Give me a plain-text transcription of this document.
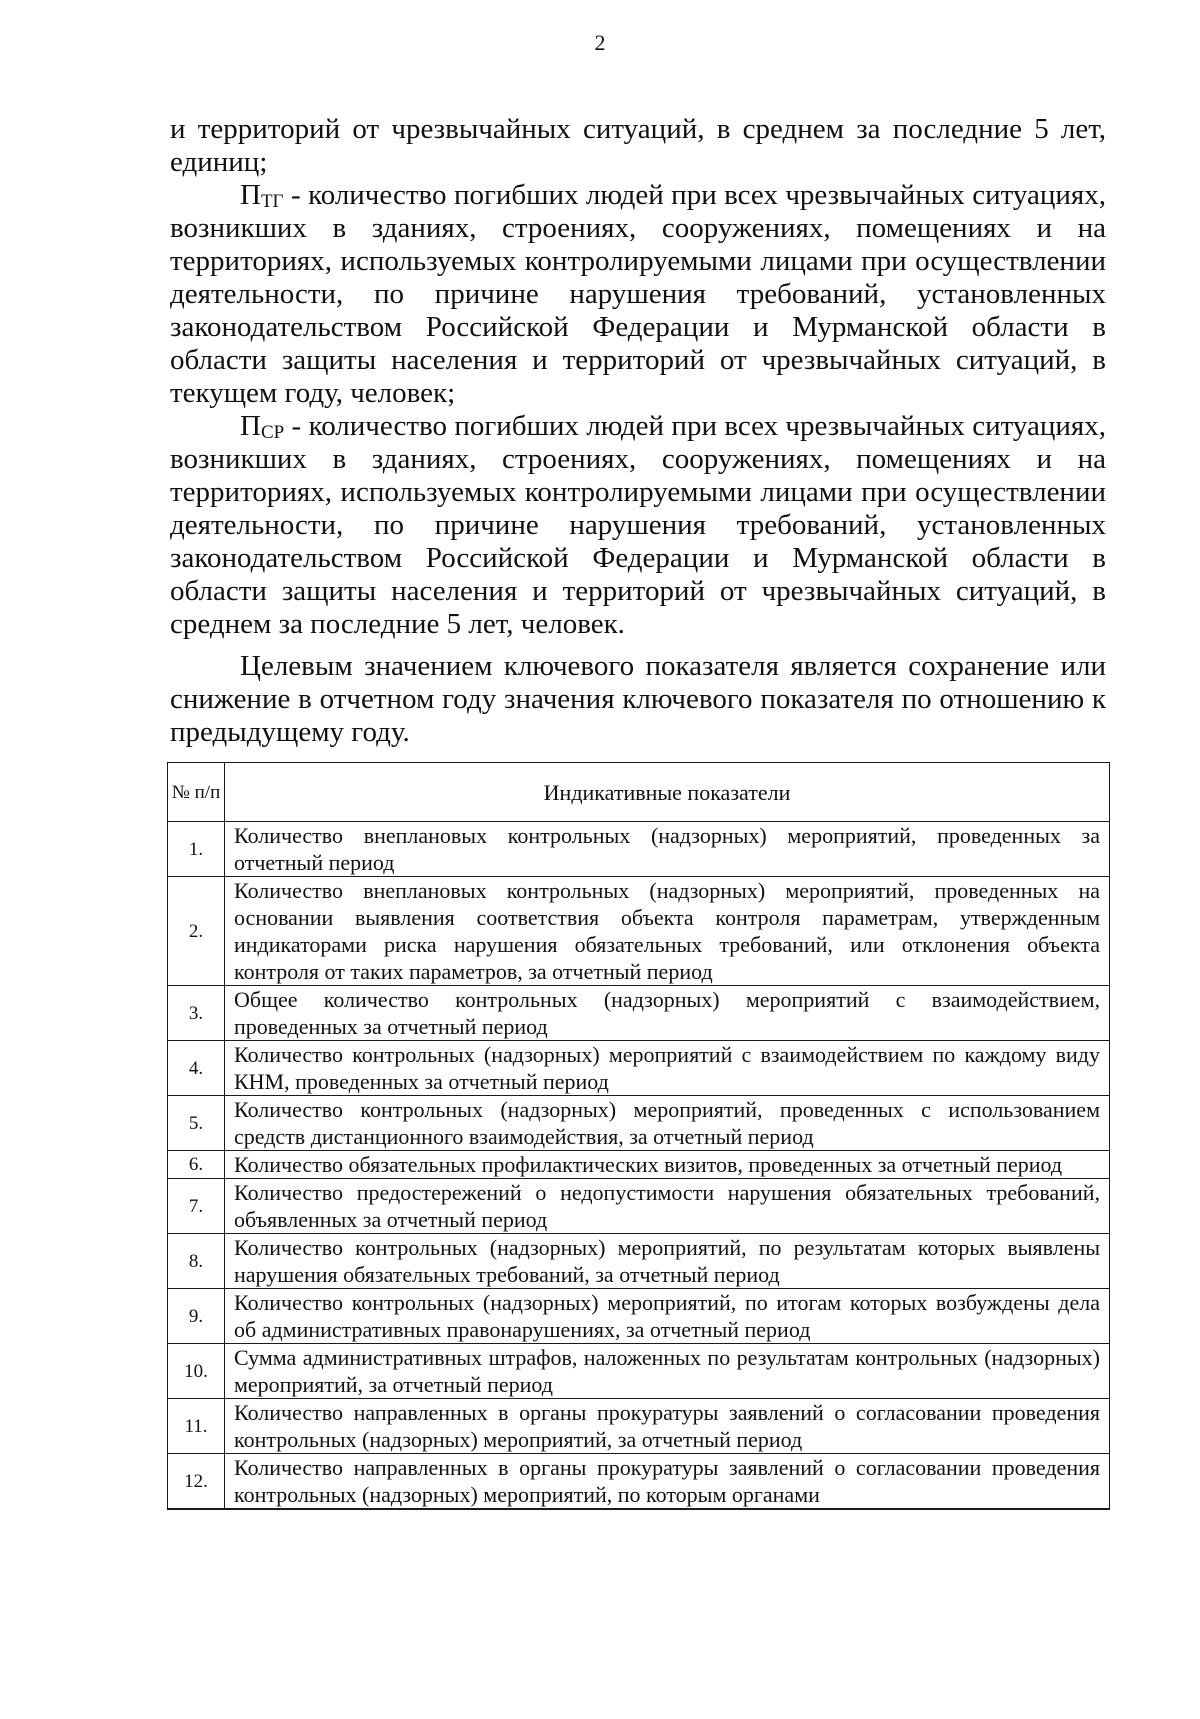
2

и территорий от чрезвычайных ситуаций, в среднем за последние 5 лет, единиц;

ПТГ - количество погибших людей при всех чрезвычайных ситуациях, возникших в зданиях, строениях, сооружениях, помещениях и на территориях, используемых контролируемыми лицами при осуществлении деятельности, по причине нарушения требований, установленных законодательством Российской Федерации и Мурманской области в области защиты населения и территорий от чрезвычайных ситуаций, в текущем году, человек;

ПСР - количество погибших людей при всех чрезвычайных ситуациях, возникших в зданиях, строениях, сооружениях, помещениях и на территориях, используемых контролируемыми лицами при осуществлении деятельности, по причине нарушения требований, установленных законодательством Российской Федерации и Мурманской области в области защиты населения и территорий от чрезвычайных ситуаций, в среднем за последние 5 лет, человек.

Целевым значением ключевого показателя является сохранение или снижение в отчетном году значения ключевого показателя по отношению к предыдущему году.

№ п/п	Индикативные показатели
1.	Количество внеплановых контрольных (надзорных) мероприятий, проведенных за отчетный период
2.	Количество внеплановых контрольных (надзорных) мероприятий, проведенных на основании выявления соответствия объекта контроля параметрам, утвержденным индикаторами риска нарушения обязательных требований, или отклонения объекта контроля от таких параметров, за отчетный период
3.	Общее количество контрольных (надзорных) мероприятий с взаимодействием, проведенных за отчетный период
4.	Количество контрольных (надзорных) мероприятий с взаимодействием по каждому виду КНМ, проведенных за отчетный период
5.	Количество контрольных (надзорных) мероприятий, проведенных с использованием средств дистанционного взаимодействия, за отчетный период
6.	Количество обязательных профилактических визитов, проведенных за отчетный период
7.	Количество предостережений о недопустимости нарушения обязательных требований, объявленных за отчетный период
8.	Количество контрольных (надзорных) мероприятий, по результатам которых выявлены нарушения обязательных требований, за отчетный период
9.	Количество контрольных (надзорных) мероприятий, по итогам которых возбуждены дела об административных правонарушениях, за отчетный период
10.	Сумма административных штрафов, наложенных по результатам контрольных (надзорных) мероприятий, за отчетный период
11.	Количество направленных в органы прокуратуры заявлений о согласовании проведения контрольных (надзорных) мероприятий, за отчетный период
12.	Количество направленных в органы прокуратуры заявлений о согласовании проведения контрольных (надзорных) мероприятий, по которым органами
